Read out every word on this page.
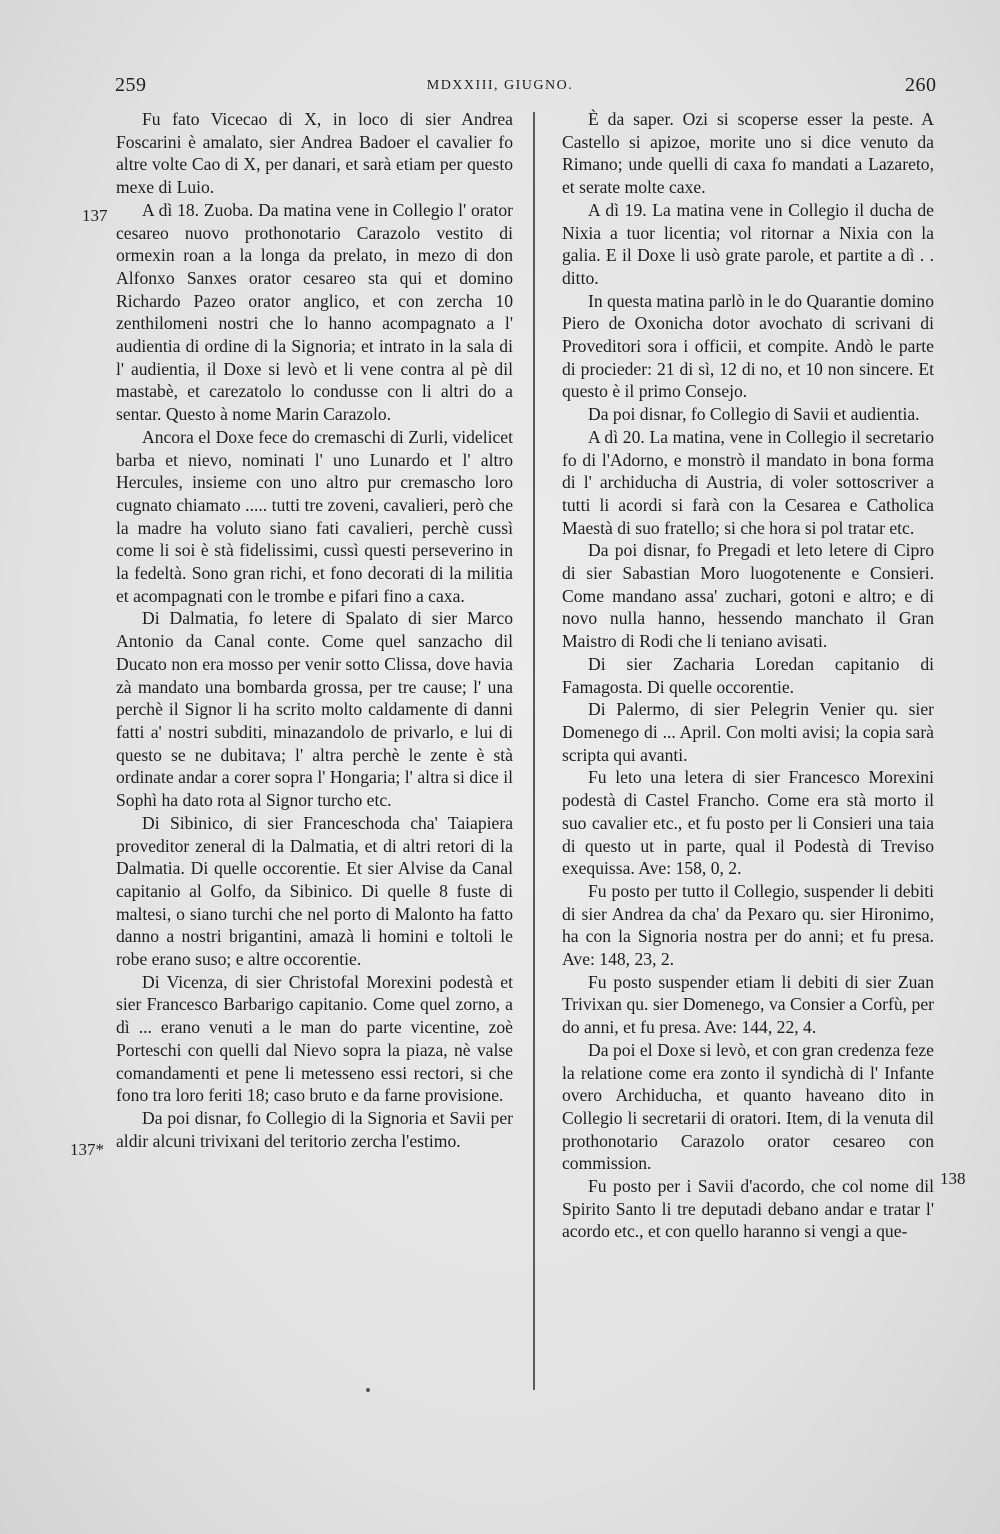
259	MDXXIII, GIUGNO.	260
137
137*
138

Fu fato Vicecao di X, in loco di sier Andrea Foscarini è amalato, sier Andrea Badoer el cavalier fo altre volte Cao di X, per danari, et sarà etiam per questo mexe di Luio.

A dì 18. Zuoba. Da matina vene in Collegio l' orator cesareo nuovo prothonotario Carazolo vestito di ormexin roan a la longa da prelato, in mezo di don Alfonxo Sanxes orator cesareo sta qui et domino Richardo Pazeo orator anglico, et con zercha 10 zenthilomeni nostri che lo hanno acompagnato a l' audientia di ordine di la Signoria; et intrato in la sala di l' audientia, il Doxe si levò et li vene contra al pè dil mastabè, et carezatolo lo condusse con li altri do a sentar. Questo à nome Marin Carazolo.

Ancora el Doxe fece do cremaschi di Zurli, videlicet barba et nievo, nominati l' uno Lunardo et l' altro Hercules, insieme con uno altro pur cremascho loro cugnato chiamato ..... tutti tre zoveni, cavalieri, però che la madre ha voluto siano fati cavalieri, perchè cussì come li soi è stà fidelissimi, cussì questi perseverino in la fedeltà. Sono gran richi, et fono decorati di la militia et acompagnati con le trombe e pifari fino a caxa.

Di Dalmatia, fo letere di Spalato di sier Marco Antonio da Canal conte. Come quel sanzacho dil Ducato non era mosso per venir sotto Clissa, dove havia zà mandato una bombarda grossa, per tre cause; l' una perchè il Signor li ha scrito molto caldamente di danni fatti a' nostri subditi, minazandolo de privarlo, e lui di questo se ne dubitava; l' altra perchè le zente è stà ordinate andar a corer sopra l' Hongaria; l' altra si dice il Sophì ha dato rota al Signor turcho etc.

Di Sibinico, di sier Franceschoda cha' Taiapiera proveditor zeneral di la Dalmatia, et di altri retori di la Dalmatia. Di quelle occorentie. Et sier Alvise da Canal capitanio al Golfo, da Sibinico. Di quelle 8 fuste di maltesi, o siano turchi che nel porto di Malonto ha fatto danno a nostri brigantini, amazà li homini e toltoli le robe erano suso; e altre occorentie.

Di Vicenza, di sier Christofal Morexini podestà et sier Francesco Barbarigo capitanio. Come quel zorno, a dì ... erano venuti a le man do parte vicentine, zoè Porteschi con quelli dal Nievo sopra la piaza, nè valse comandamenti et pene li metesseno essi rectori, si che fono tra loro feriti 18; caso bruto e da farne provisione.

Da poi disnar, fo Collegio di la Signoria et Savii per aldir alcuni trivixani del teritorio zercha l'estimo.

È da saper. Ozi si scoperse esser la peste. A Castello si apizoe, morite uno si dice venuto da Rimano; unde quelli di caxa fo mandati a Lazareto, et serate molte caxe.

A dì 19. La matina vene in Collegio il ducha de Nixia a tuor licentia; vol ritornar a Nixia con la galia. E il Doxe li usò grate parole, et partite a dì . . ditto.

In questa matina parlò in le do Quarantie domino Piero de Oxonicha dotor avochato di scrivani di Proveditori sora i officii, et compite. Andò le parte di procieder: 21 di sì, 12 di no, et 10 non sincere. Et questo è il primo Consejo.

Da poi disnar, fo Collegio di Savii et audientia.

A dì 20. La matina, vene in Collegio il secretario fo di l'Adorno, e monstrò il mandato in bona forma di l' archiducha di Austria, di voler sottoscriver a tutti li acordi si farà con la Cesarea e Catholica Maestà di suo fratello; si che hora si pol tratar etc.

Da poi disnar, fo Pregadi et leto letere di Cipro di sier Sabastian Moro luogotenente e Consieri. Come mandano assa' zuchari, gotoni e altro; e di novo nulla hanno, hessendo manchato il Gran Maistro di Rodi che li teniano avisati.

Di sier Zacharia Loredan capitanio di Famagosta. Di quelle occorentie.

Di Palermo, di sier Pelegrin Venier qu. sier Domenego di ... April. Con molti avisi; la copia sarà scripta qui avanti.

Fu leto una letera di sier Francesco Morexini podestà di Castel Francho. Come era stà morto il suo cavalier etc., et fu posto per li Consieri una taia di questo ut in parte, qual il Podestà di Treviso exequissa. Ave: 158, 0, 2.

Fu posto per tutto il Collegio, suspender li debiti di sier Andrea da cha' da Pexaro qu. sier Hironimo, ha con la Signoria nostra per do anni; et fu presa. Ave: 148, 23, 2.

Fu posto suspender etiam li debiti di sier Zuan Trivixan qu. sier Domenego, va Consier a Corfù, per do anni, et fu presa. Ave: 144, 22, 4.

Da poi el Doxe si levò, et con gran credenza feze la relatione come era zonto il syndichà di l' Infante overo Archiducha, et quanto haveano dito in Collegio li secretarii di oratori. Item, di la venuta dil prothonotario Carazolo orator cesareo con commission.

Fu posto per i Savii d'acordo, che col nome dil Spirito Santo li tre deputadi debano andar e tratar l' acordo etc., et con quello haranno si vengi a que-
